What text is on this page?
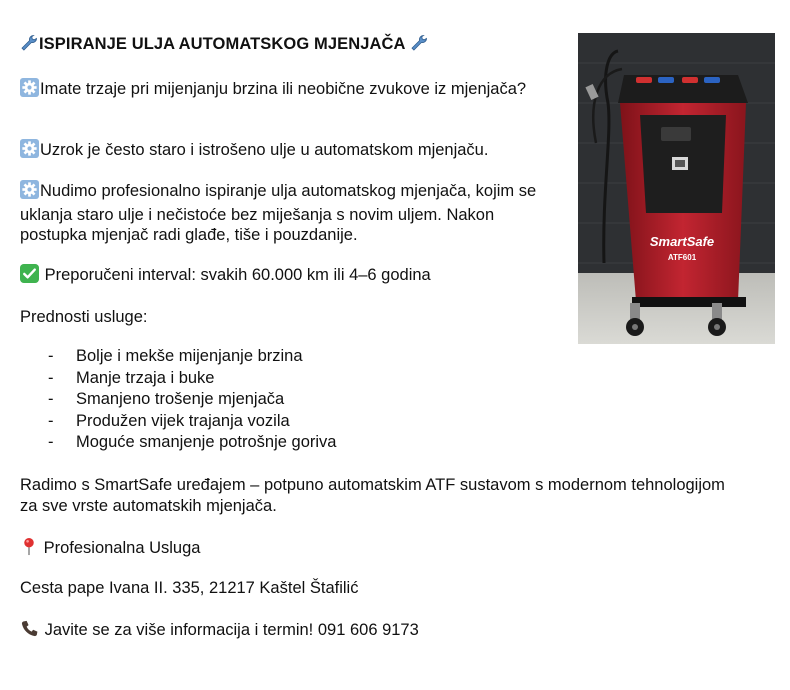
ISPIRANJE ULJA AUTOMATSKOG MJENJAČA
Imate trzaje pri mijenjanju brzina ili neobične zvukove iz mjenjača?
Uzrok je često staro i istrošeno ulje u automatskom mjenjaču.
Nudimo profesionalno ispiranje ulja automatskog mjenjača, kojim se uklanja staro ulje i nečistoće bez miješanja s novim uljem. Nakon postupka mjenjač radi glađe, tiše i pouzdanije.
Preporučeni interval: svakih 60.000 km ili 4–6 godina
Prednosti usluge:
- Bolje i mekše mijenjanje brzina
- Manje trzaja i buke
- Smanjeno trošenje mjenjača
- Produžen vijek trajanja vozila
- Moguće smanjenje potrošnje goriva
Radimo s SmartSafe uređajem – potpuno automatskim ATF sustavom s modernom tehnologijom za sve vrste automatskih mjenjača.
Profesionalna Usluga
Cesta pape Ivana II. 335, 21217 Kaštel Štafilić
Javite se za više informacija i termin! 091 606 9173
SmartSafe
ATF601
